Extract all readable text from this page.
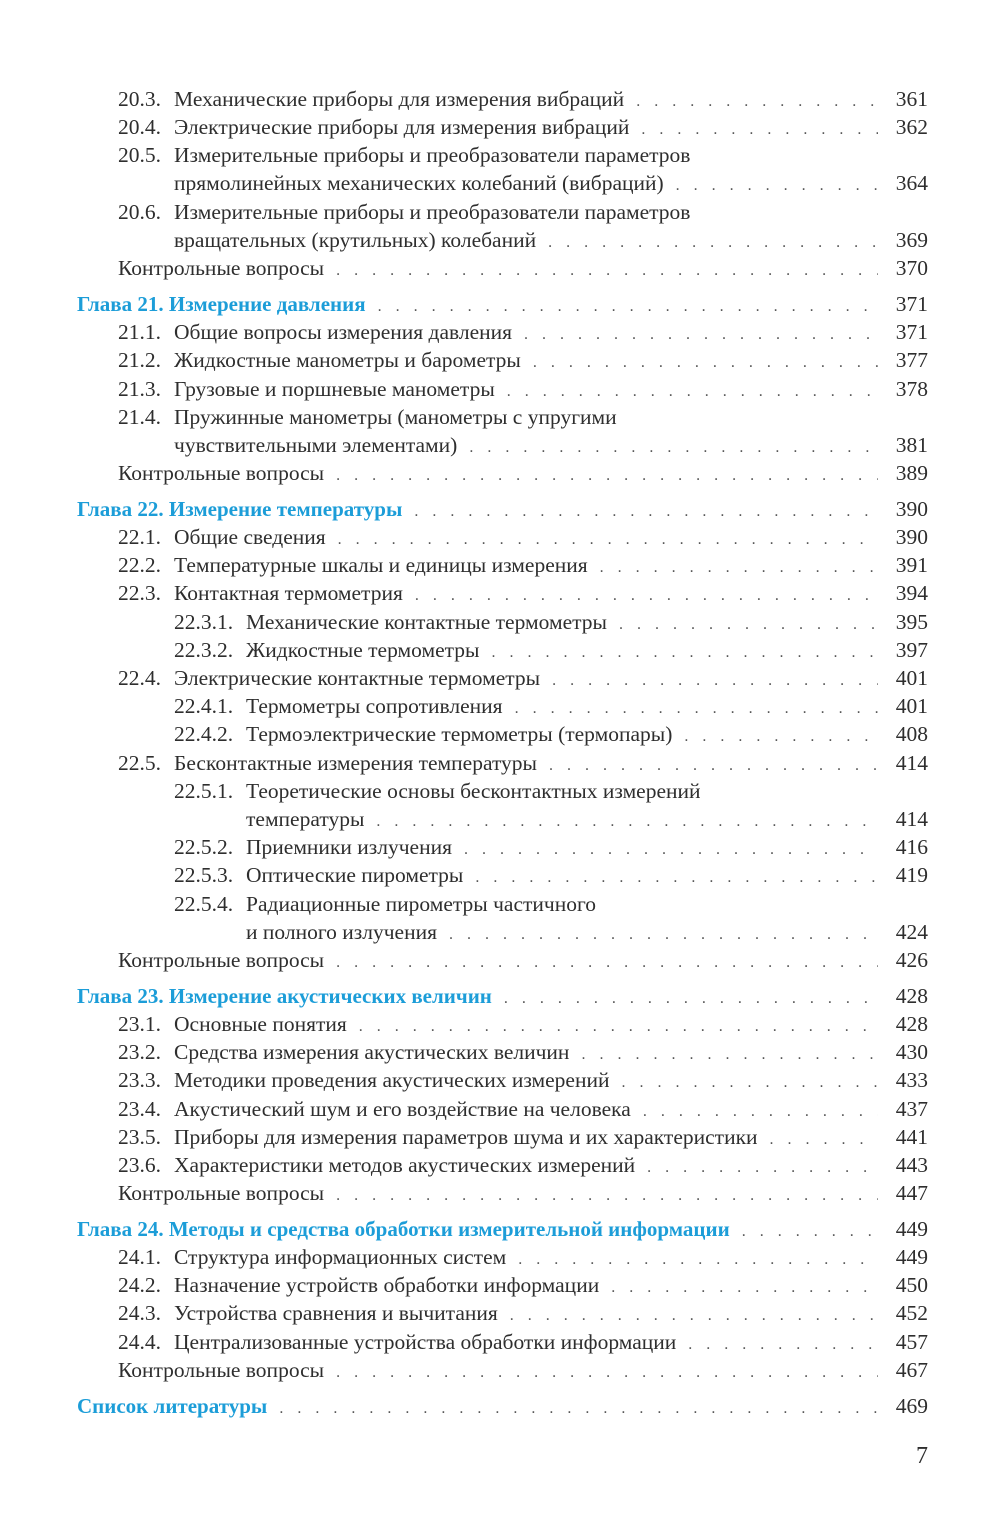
20.3. Механические приборы для измерения вибраций . . .	361
20.4. Электрические приборы для измерения вибраций . . .	362
20.5. Измерительные приборы и преобразователи параметров
прямолинейных механических колебаний (вибраций) . . .	364
20.6. Измерительные приборы и преобразователи параметров
вращательных (крутильных) колебаний . . .	369
Контрольные вопросы . . .	370
Глава 21. Измерение давления . . .	371
21.1. Общие вопросы измерения давления . . .	371
21.2. Жидкостные манометры и барометры . . .	377
21.3. Грузовые и поршневые манометры . . .	378
21.4. Пружинные манометры (манометры с упругими
чувствительными элементами) . . .	381
Контрольные вопросы . . .	389
Глава 22. Измерение температуры . . .	390
22.1. Общие сведения . . .	390
22.2. Температурные шкалы и единицы измерения . . .	391
22.3. Контактная термометрия . . .	394
22.3.1. Механические контактные термометры . . .	395
22.3.2. Жидкостные термометры . . .	397
22.4. Электрические контактные термометры . . .	401
22.4.1. Термометры сопротивления . . .	401
22.4.2. Термоэлектрические термометры (термопары) . . .	408
22.5. Бесконтактные измерения температуры . . .	414
22.5.1. Теоретические основы бесконтактных измерений
температуры . . .	414
22.5.2. Приемники излучения . . .	416
22.5.3. Оптические пирометры . . .	419
22.5.4. Радиационные пирометры частичного
и полного излучения . . .	424
Контрольные вопросы . . .	426
Глава 23. Измерение акустических величин . . .	428
23.1. Основные понятия . . .	428
23.2. Средства измерения акустических величин . . .	430
23.3. Методики проведения акустических измерений . . .	433
23.4. Акустический шум и его воздействие на человека . . .	437
23.5. Приборы для измерения параметров шума и их характеристики . . .	441
23.6. Характеристики методов акустических измерений . . .	443
Контрольные вопросы . . .	447
Глава 24. Методы и средства обработки измерительной информации . . .	449
24.1. Структура информационных систем . . .	449
24.2. Назначение устройств обработки информации . . .	450
24.3. Устройства сравнения и вычитания . . .	452
24.4. Централизованные устройства обработки информации . . .	457
Контрольные вопросы . . .	467
Список литературы . . .	469
7
